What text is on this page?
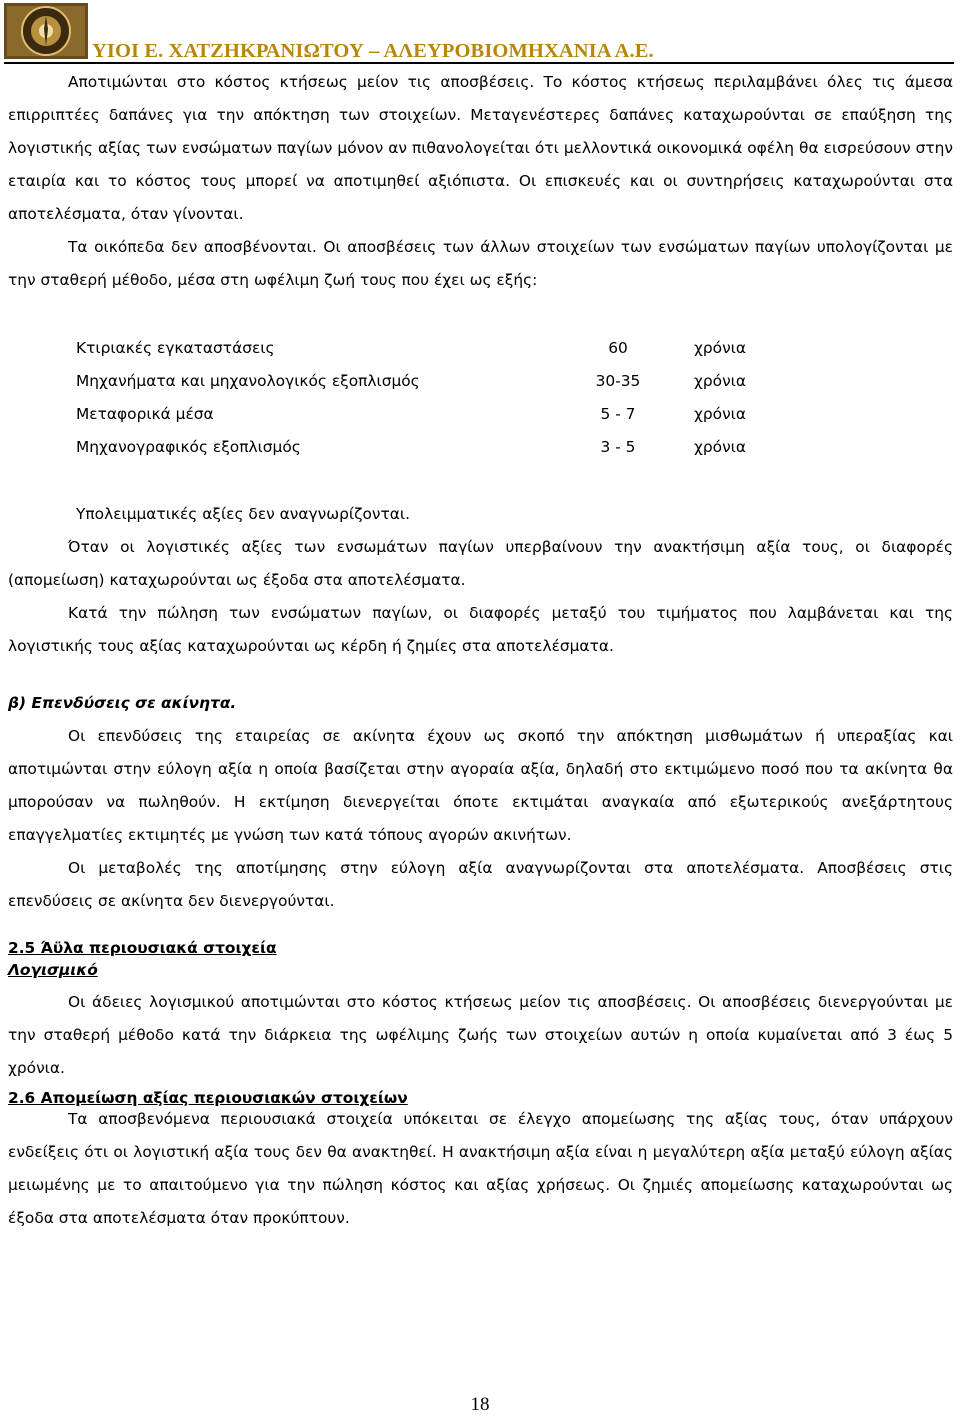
ΥΙΟΙ Ε. ΧΑΤΖΗΚΡΑΝΙΩΤΟΥ – ΑΛΕΥΡΟΒΙΟΜΗΧΑΝΙΑ Α.Ε.

Αποτιμώνται στο κόστος κτήσεως μείον τις αποσβέσεις. Το κόστος κτήσεως περιλαμβάνει όλες τις άμεσα επιρριπτέες δαπάνες για την απόκτηση των στοιχείων. Μεταγενέστερες δαπάνες καταχωρούνται σε επαύξηση της λογιστικής αξίας των ενσώματων παγίων μόνον αν πιθανολογείται ότι μελλοντικά οικονομικά οφέλη θα εισρεύσουν στην εταιρία και το κόστος τους μπορεί να αποτιμηθεί αξιόπιστα. Οι επισκευές και οι συντηρήσεις καταχωρούνται στα αποτελέσματα, όταν γίνονται.

Τα οικόπεδα δεν αποσβένονται. Οι αποσβέσεις των άλλων στοιχείων των ενσώματων παγίων υπολογίζονται με την σταθερή μέθοδο, μέσα στη ωφέλιμη ζωή τους που έχει ως εξής:

Κτιριακές εγκαταστάσεις	60	χρόνια
Μηχανήματα και μηχανολογικός εξοπλισμός	30-35	χρόνια
Μεταφορικά μέσα	5 - 7	χρόνια
Μηχανογραφικός εξοπλισμός	3 - 5	χρόνια

Υπολειμματικές αξίες δεν αναγνωρίζονται.

Όταν οι λογιστικές αξίες των ενσωμάτων παγίων υπερβαίνουν την ανακτήσιμη αξία τους, οι διαφορές (απομείωση) καταχωρούνται ως έξοδα στα αποτελέσματα.

Κατά την πώληση των ενσώματων παγίων, οι διαφορές μεταξύ του τιμήματος που λαμβάνεται και της λογιστικής τους αξίας καταχωρούνται ως κέρδη ή ζημίες στα αποτελέσματα.

β) Επενδύσεις σε ακίνητα.

Οι επενδύσεις της εταιρείας σε ακίνητα έχουν ως σκοπό την απόκτηση μισθωμάτων ή υπεραξίας και αποτιμώνται στην εύλογη αξία η οποία βασίζεται στην αγοραία αξία, δηλαδή στο εκτιμώμενο ποσό που τα ακίνητα θα μπορούσαν να πωληθούν. Η εκτίμηση διενεργείται όποτε εκτιμάται αναγκαία από εξωτερικούς ανεξάρτητους επαγγελματίες εκτιμητές με γνώση των κατά τόπους αγορών ακινήτων.

Οι μεταβολές της αποτίμησης στην εύλογη αξία αναγνωρίζονται στα αποτελέσματα. Αποσβέσεις στις επενδύσεις σε ακίνητα δεν διενεργούνται.

2.5 Άϋλα περιουσιακά στοιχεία

Λογισμικό

Οι άδειες λογισμικού αποτιμώνται στο κόστος κτήσεως μείον τις αποσβέσεις. Οι αποσβέσεις διενεργούνται με την σταθερή μέθοδο κατά την διάρκεια της ωφέλιμης ζωής των στοιχείων αυτών η οποία κυμαίνεται από 3 έως 5 χρόνια.

2.6 Απομείωση αξίας περιουσιακών στοιχείων

Τα αποσβενόμενα περιουσιακά στοιχεία υπόκειται σε έλεγχο απομείωσης της αξίας τους, όταν υπάρχουν ενδείξεις ότι οι λογιστική αξία τους δεν θα ανακτηθεί. Η ανακτήσιμη αξία είναι η μεγαλύτερη αξία μεταξύ εύλογη αξίας μειωμένης με το απαιτούμενο για την πώληση κόστος και αξίας χρήσεως. Οι ζημιές απομείωσης καταχωρούνται ως έξοδα στα αποτελέσματα όταν προκύπτουν.

18
